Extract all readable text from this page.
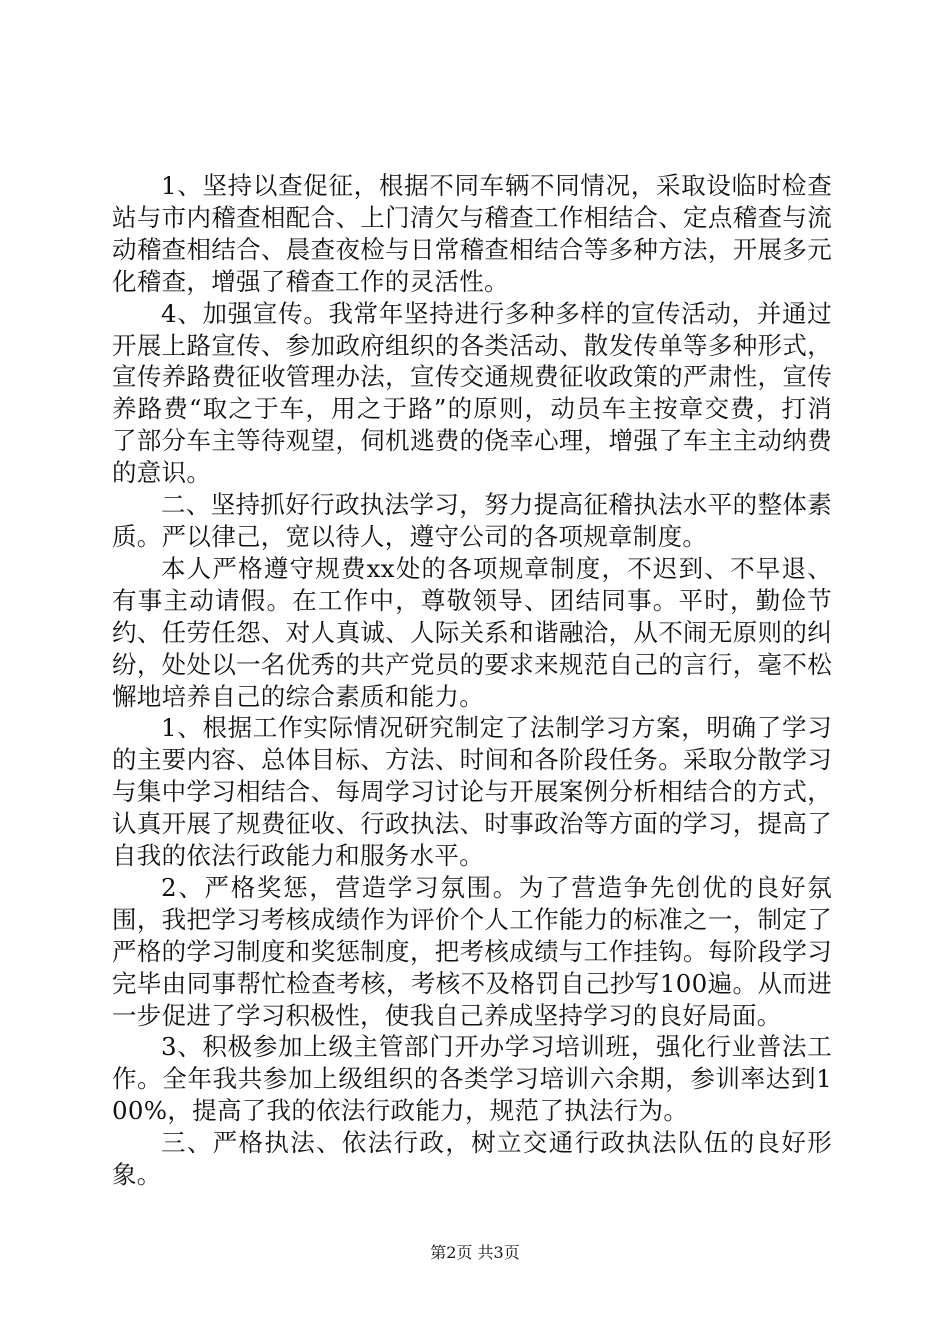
1、坚持以查促征，根据不同车辆不同情况，采取设临时检查站与市内稽查相配合、上门清欠与稽查工作相结合、定点稽查与流动稽查相结合、晨查夜检与日常稽查相结合等多种方法，开展多元化稽查，增强了稽查工作的灵活性。

4、加强宣传。我常年坚持进行多种多样的宣传活动，并通过开展上路宣传、参加政府组织的各类活动、散发传单等多种形式，宣传养路费征收管理办法，宣传交通规费征收政策的严肃性，宣传养路费“取之于车，用之于路”的原则，动员车主按章交费，打消了部分车主等待观望，伺机逃费的侥幸心理，增强了车主主动纳费的意识。

二、坚持抓好行政执法学习，努力提高征稽执法水平的整体素质。严以律己，宽以待人，遵守公司的各项规章制度。

本人严格遵守规费xx处的各项规章制度，不迟到、不早退、有事主动请假。在工作中，尊敬领导、团结同事。平时，勤俭节约、任劳任怨、对人真诚、人际关系和谐融洽，从不闹无原则的纠纷，处处以一名优秀的共产党员的要求来规范自己的言行，毫不松懈地培养自己的综合素质和能力。

1、根据工作实际情况研究制定了法制学习方案，明确了学习的主要内容、总体目标、方法、时间和各阶段任务。采取分散学习与集中学习相结合、每周学习讨论与开展案例分析相结合的方式，认真开展了规费征收、行政执法、时事政治等方面的学习，提高了自我的依法行政能力和服务水平。

2、严格奖惩，营造学习氛围。为了营造争先创优的良好氛围，我把学习考核成绩作为评价个人工作能力的标准之一，制定了严格的学习制度和奖惩制度，把考核成绩与工作挂钩。每阶段学习完毕由同事帮忙检查考核，考核不及格罚自己抄写100遍。从而进一步促进了学习积极性，使我自己养成坚持学习的良好局面。

3、积极参加上级主管部门开办学习培训班，强化行业普法工作。全年我共参加上级组织的各类学习培训六余期，参训率达到100%，提高了我的依法行政能力，规范了执法行为。

三、严格执法、依法行政，树立交通行政执法队伍的良好形象。

第2页 共3页
